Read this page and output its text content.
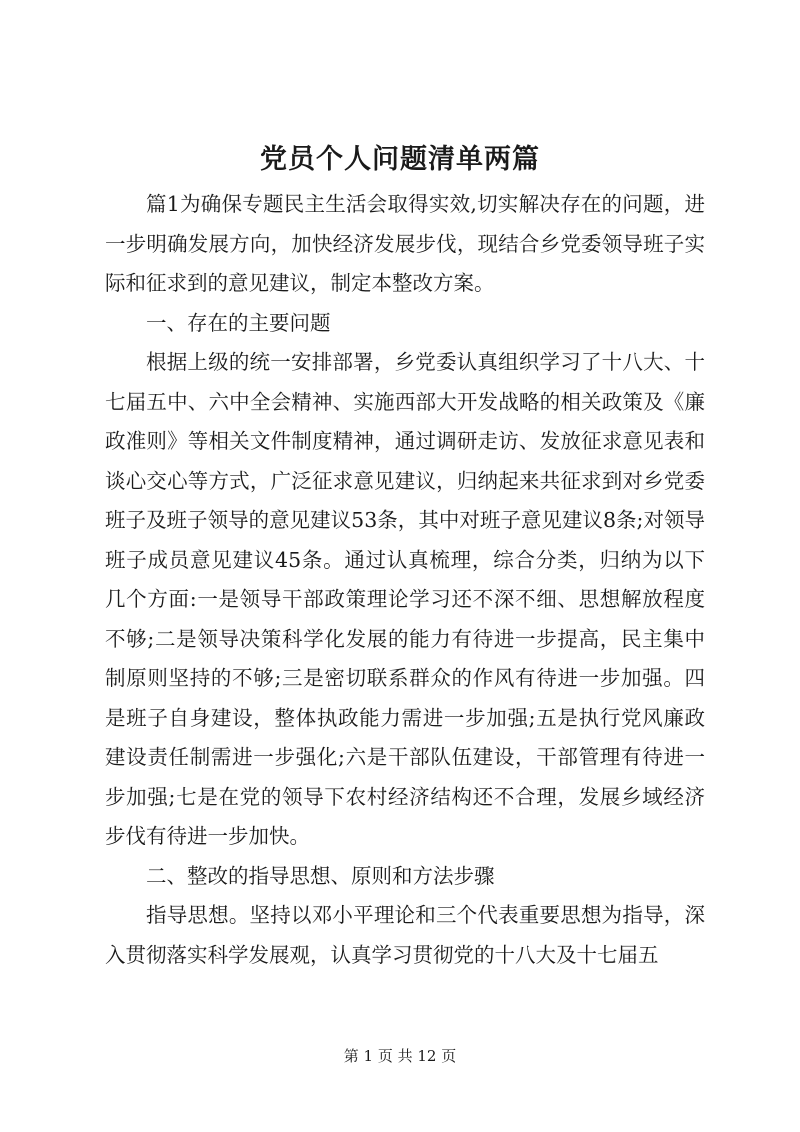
党员个人问题清单两篇

篇1为确保专题民主生活会取得实效,切实解决存在的问题，进一步明确发展方向，加快经济发展步伐，现结合乡党委领导班子实际和征求到的意见建议，制定本整改方案。

一、存在的主要问题

根据上级的统一安排部署，乡党委认真组织学习了十八大、十七届五中、六中全会精神、实施西部大开发战略的相关政策及《廉政准则》等相关文件制度精神，通过调研走访、发放征求意见表和谈心交心等方式，广泛征求意见建议，归纳起来共征求到对乡党委班子及班子领导的意见建议53条，其中对班子意见建议8条;对领导班子成员意见建议45条。通过认真梳理，综合分类，归纳为以下几个方面:一是领导干部政策理论学习还不深不细、思想解放程度不够;二是领导决策科学化发展的能力有待进一步提高，民主集中制原则坚持的不够;三是密切联系群众的作风有待进一步加强。四是班子自身建设，整体执政能力需进一步加强;五是执行党风廉政建设责任制需进一步强化;六是干部队伍建设，干部管理有待进一步加强;七是在党的领导下农村经济结构还不合理，发展乡域经济步伐有待进一步加快。

二、整改的指导思想、原则和方法步骤

指导思想。坚持以邓小平理论和三个代表重要思想为指导，深入贯彻落实科学发展观，认真学习贯彻党的十八大及十七届五

第 1 页 共 12 页
